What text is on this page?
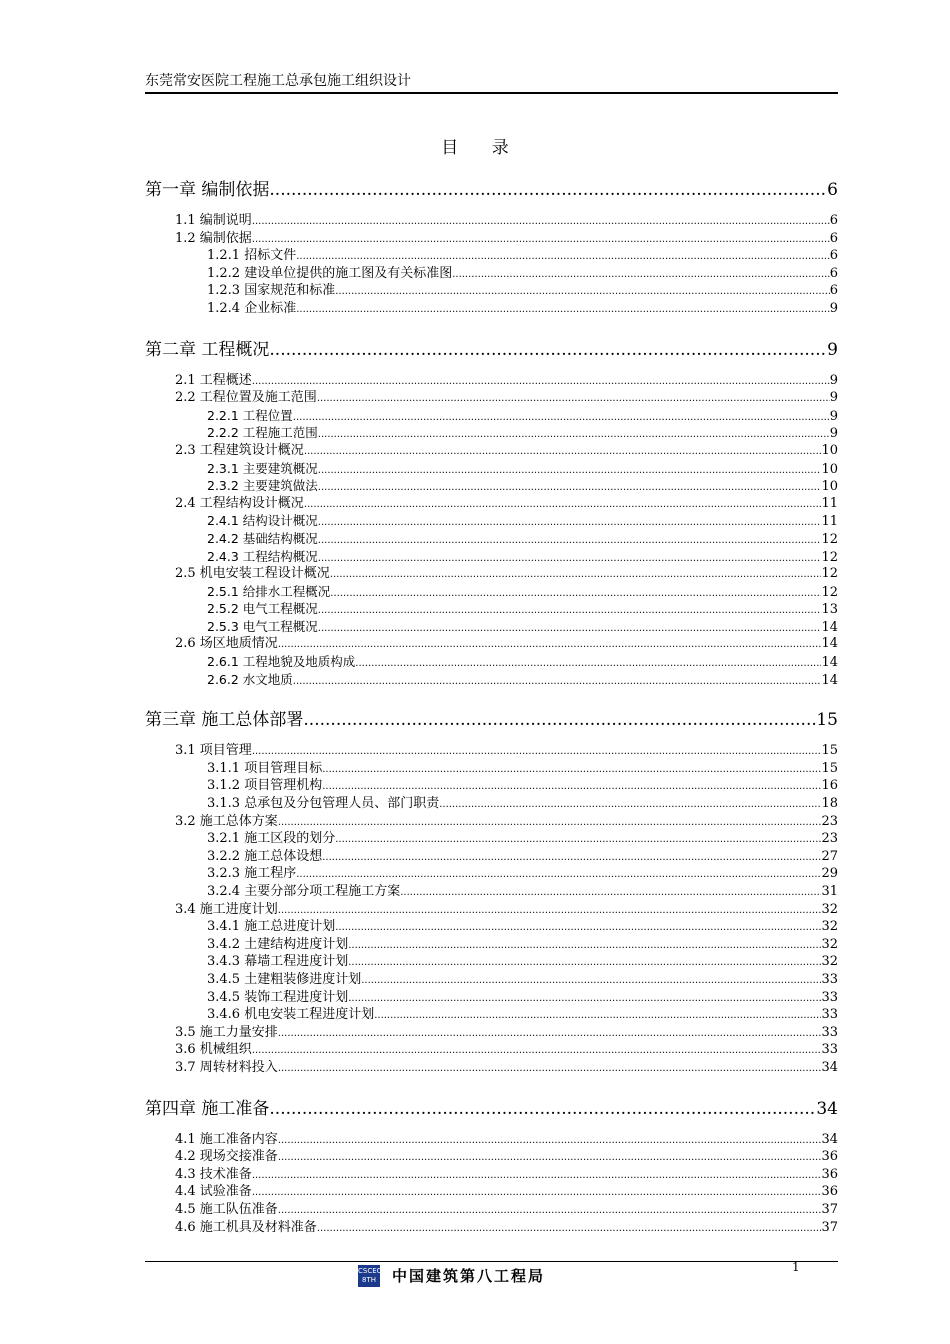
东莞常安医院工程施工总承包施工组织设计
目 录
第一章 编制依据 .....	6
1.1 编制说明 .....	6
1.2 编制依据 .....	6
1.2.1 招标文件 .....	6
1.2.2 建设单位提供的施工图及有关标准图 .....	6
1.2.3 国家规范和标准 .....	6
1.2.4 企业标准 .....	9
第二章 工程概况 .....	9
2.1 工程概述 .....	9
2.2 工程位置及施工范围 .....	9
2.2.1 工程位置 .....	9
2.2.2 工程施工范围 .....	9
2.3 工程建筑设计概况 .....	10
2.3.1 主要建筑概况 .....	10
2.3.2 主要建筑做法 .....	10
2.4 工程结构设计概况 .....	11
2.4.1 结构设计概况 .....	11
2.4.2 基础结构概况 .....	12
2.4.3 工程结构概况 .....	12
2.5 机电安装工程设计概况 .....	12
2.5.1 给排水工程概况 .....	12
2.5.2 电气工程概况 .....	13
2.5.3 电气工程概况 .....	14
2.6 场区地质情况 .....	14
2.6.1 工程地貌及地质构成 .....	14
2.6.2 水文地质 .....	14
第三章 施工总体部署 .....	15
3.1 项目管理 .....	15
3.1.1 项目管理目标 .....	15
3.1.2 项目管理机构 .....	16
3.1.3 总承包及分包管理人员、部门职责 .....	18
3.2 施工总体方案 .....	23
3.2.1 施工区段的划分 .....	23
3.2.2 施工总体设想 .....	27
3.2.3 施工程序 .....	29
3.2.4 主要分部分项工程施工方案 .....	31
3.4 施工进度计划 .....	32
3.4.1 施工总进度计划 .....	32
3.4.2 土建结构进度计划 .....	32
3.4.3 幕墙工程进度计划 .....	32
3.4.5 土建粗装修进度计划 .....	33
3.4.5 装饰工程进度计划 .....	33
3.4.6 机电安装工程进度计划 .....	33
3.5 施工力量安排 .....	33
3.6 机械组织 .....	33
3.7 周转材料投入 .....	34
第四章 施工准备 .....	34
4.1 施工准备内容 .....	34
4.2 现场交接准备 .....	36
4.3 技术准备 .....	36
4.4 试验准备 .....	36
4.5 施工队伍准备 .....	37
4.6 施工机具及材料准备 .....	37
1
CSCEC 8TH 中国建筑第八工程局
